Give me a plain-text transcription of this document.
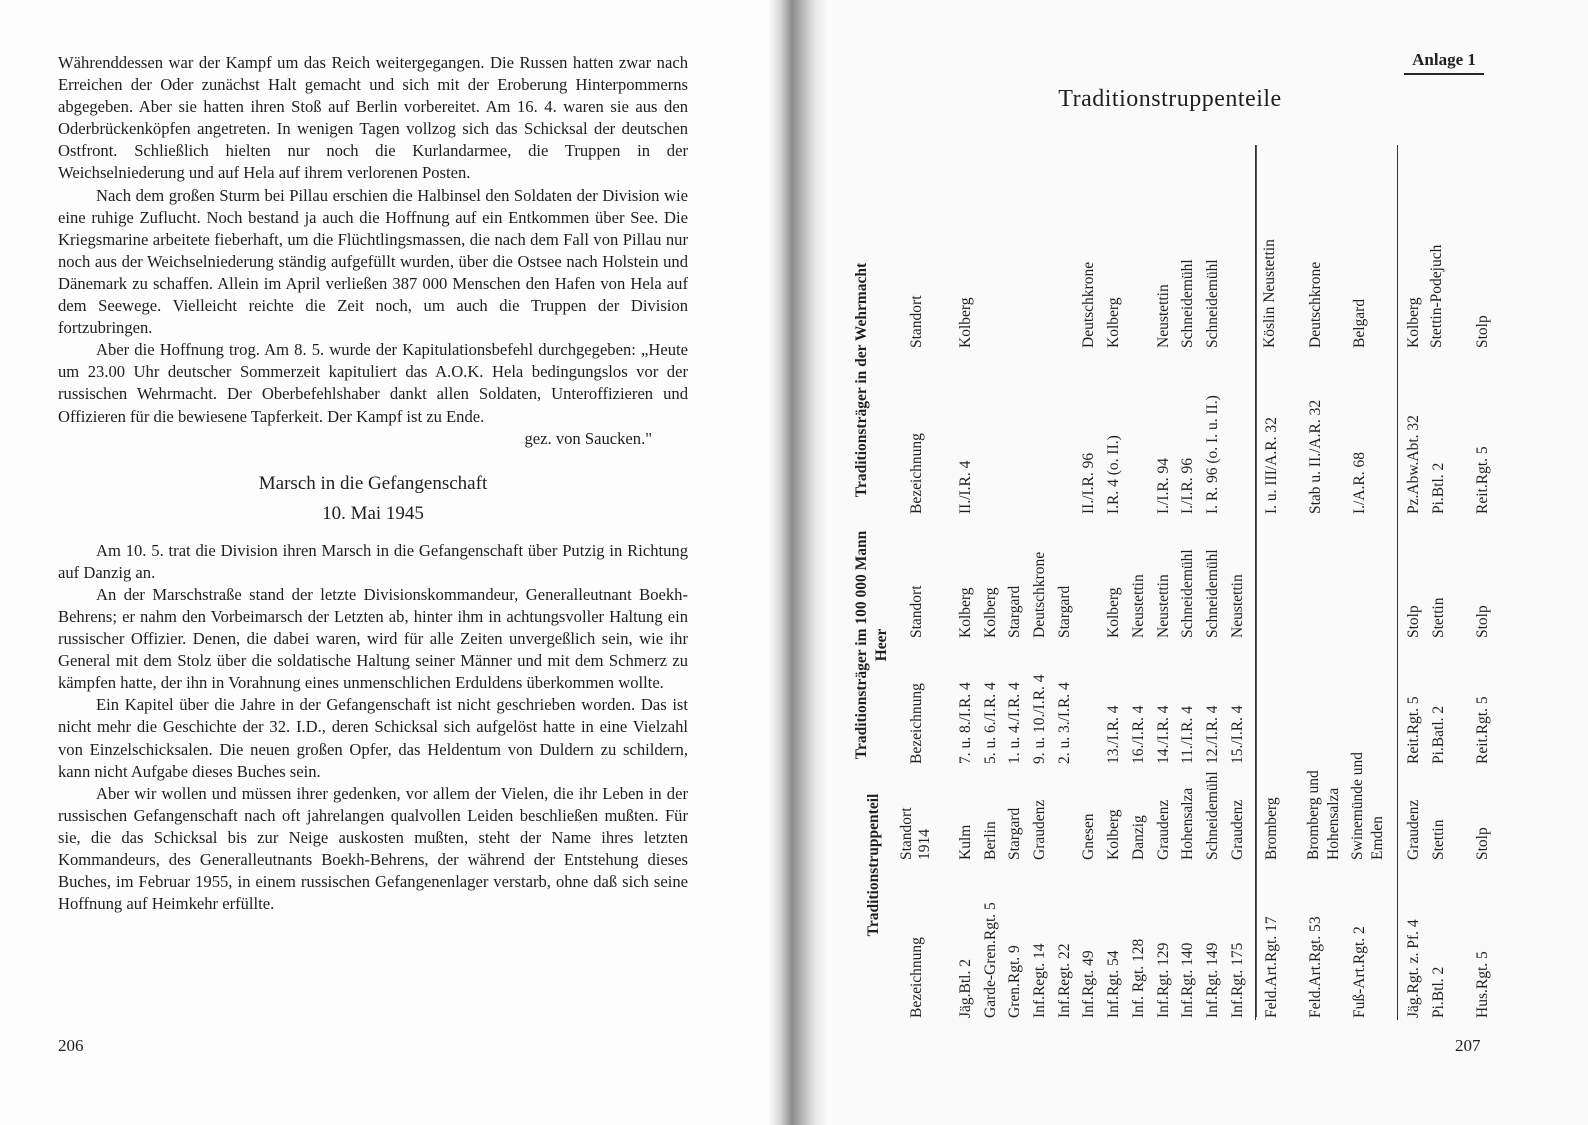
Währenddessen war der Kampf um das Reich weitergegangen. Die Russen hatten zwar nach Erreichen der Oder zunächst Halt gemacht und sich mit der Eroberung Hinterpommerns abgegeben. Aber sie hatten ihren Stoß auf Berlin vorbereitet. Am 16. 4. waren sie aus den Oderbrückenköpfen angetreten. In wenigen Tagen vollzog sich das Schicksal der deutschen Ostfront. Schließlich hielten nur noch die Kurlandarmee, die Truppen in der Weichselniederung und auf Hela auf ihrem verlorenen Posten.

Nach dem großen Sturm bei Pillau erschien die Halbinsel den Soldaten der Division wie eine ruhige Zuflucht. Noch bestand ja auch die Hoffnung auf ein Entkommen über See. Die Kriegsmarine arbeitete fieberhaft, um die Flüchtlingsmassen, die nach dem Fall von Pillau nur noch aus der Weichselniederung ständig aufgefüllt wurden, über die Ostsee nach Holstein und Dänemark zu schaffen. Allein im April verließen 387 000 Menschen den Hafen von Hela auf dem Seewege. Vielleicht reichte die Zeit noch, um auch die Truppen der Division fortzubringen.

Aber die Hoffnung trog. Am 8. 5. wurde der Kapitulationsbefehl durchgegeben: „Heute um 23.00 Uhr deutscher Sommerzeit kapituliert das A.O.K. Hela bedingungslos vor der russischen Wehrmacht. Der Oberbefehlshaber dankt allen Soldaten, Unteroffizieren und Offizieren für die bewiesene Tapferkeit. Der Kampf ist zu Ende.

gez. von Saucken."
Marsch in die Gefangenschaft
10. Mai 1945

Am 10. 5. trat die Division ihren Marsch in die Gefangenschaft über Putzig in Richtung auf Danzig an.

An der Marschstraße stand der letzte Divisionskommandeur, Generalleutnant Boekh-Behrens; er nahm den Vorbeimarsch der Letzten ab, hinter ihm in achtungsvoller Haltung ein russischer Offizier. Denen, die dabei waren, wird für alle Zeiten unvergeßlich sein, wie ihr General mit dem Stolz über die soldatische Haltung seiner Männer und mit dem Schmerz zu kämpfen hatte, der ihn in Vorahnung eines unmenschlichen Erduldens überkommen wollte.

Ein Kapitel über die Jahre in der Gefangenschaft ist nicht geschrieben worden. Das ist nicht mehr die Geschichte der 32. I.D., deren Schicksal sich aufgelöst hatte in eine Vielzahl von Einzelschicksalen. Die neuen großen Opfer, das Heldentum von Duldern zu schildern, kann nicht Aufgabe dieses Buches sein.

Aber wir wollen und müssen ihrer gedenken, vor allem der Vielen, die ihr Leben in der russischen Gefangenschaft nach oft jahrelangen qualvollen Leiden beschließen mußten. Für sie, die das Schicksal bis zur Neige auskosten mußten, steht der Name ihres letzten Kommandeurs, des Generalleutnants Boekh-Behrens, der während der Entstehung dieses Buches, im Februar 1955, in einem russischen Gefangenenlager verstarb, ohne daß sich seine Hoffnung auf Heimkehr erfüllte.

206
Anlage 1
Traditionstruppenteile
Traditionstruppenteil
Traditionsträger im 100 000 Mann Heer
Traditionsträger in der Wehrmacht
Bezeichnung
Standort 1914
Bezeichnung
Standort
Bezeichnung
Standort
Jäg.Btl. 2
Kulm
7. u. 8./I.R. 4
Kolberg
II./I.R. 4
Kolberg
Garde-Gren.Rgt. 5
Berlin
5. u. 6./I.R. 4
Kolberg
Gren.Rgt. 9
Stargard
1. u. 4./I.R. 4
Stargard
Inf.Regt. 14
Graudenz
9. u. 10./I.R. 4
Deutschkrone
Inf.Regt. 22
2. u. 3./I.R. 4
Stargard
Inf.Rgt. 49
Gnesen
II./I.R. 96
Deutschkrone
Inf.Rgt. 54
Kolberg
13./I.R. 4
Kolberg
I.R. 4 (o. II.)
Kolberg
Inf. Rgt. 128
Danzig
16./I.R. 4
Neustettin
Inf.Rgt. 129
Graudenz
14./I.R. 4
Neustettin
I./I.R. 94
Neustettin
Inf.Rgt. 140
Hohensalza
11./I.R. 4
Schneidemühl
I./I.R. 96
Schneidemühl
Inf.Rgt. 149
Schneidemühl
12./I.R. 4
Schneidemühl
I. R. 96 (o. I. u. II.)
Schneidemühl
Inf.Rgt. 175
Graudenz
15./I.R. 4
Neustettin
Feld.Art.Rgt. 17
Bromberg
I. u. III/A.R. 32
Köslin Neustettin
Feld.Art.Rgt. 53
Bromberg und Hohensalza
Stab u. II./A.R. 32
Deutschkrone
Fuß-Art.Rgt. 2
Swinemünde und Emden
I./A.R. 68
Belgard
Jäg.Rgt. z. Pf. 4
Graudenz
Reit.Rgt. 5
Stolp
Pz.Abw.Abt. 32
Kolberg
Pi.Btl. 2
Stettin
Pi.Batl. 2
Stettin
Pi.Btl. 2
Stettin-Podejuch
Hus.Rgt. 5
Stolp
Reit.Rgt. 5
Stolp
Reit.Rgt. 5
Stolp
207
